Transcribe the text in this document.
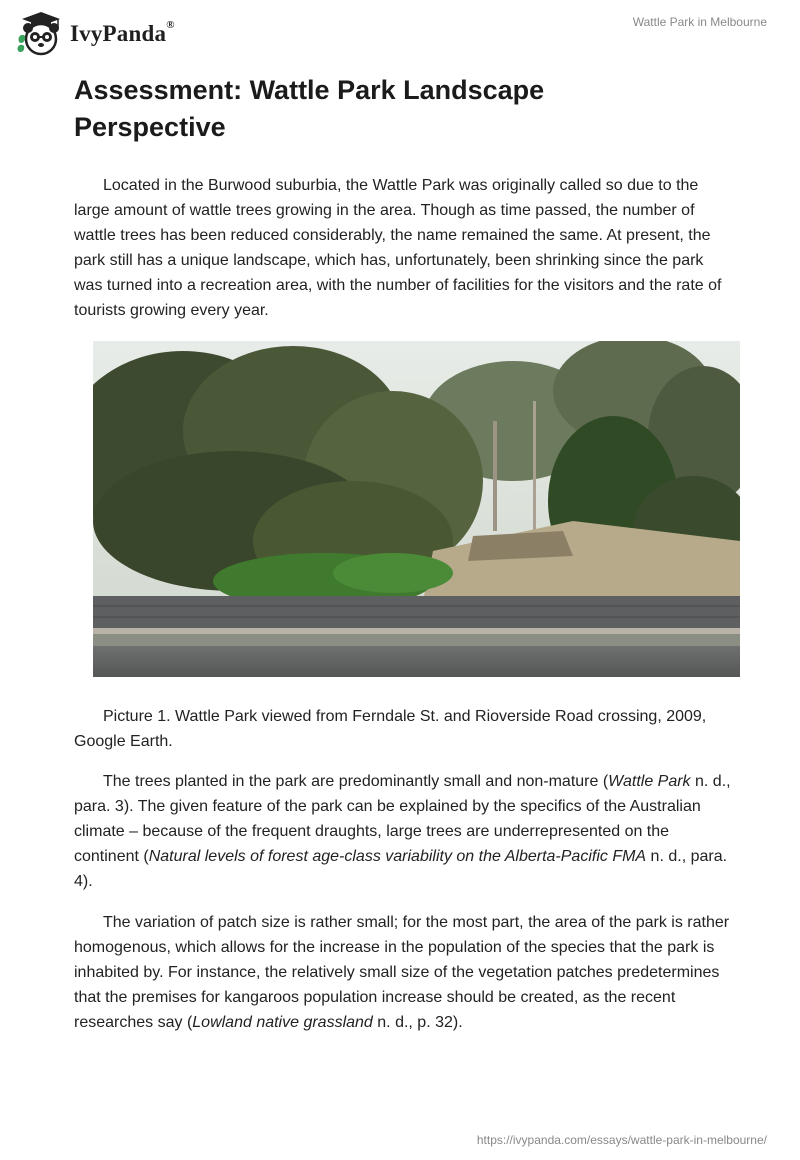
IvyPanda®	Wattle Park in Melbourne
Assessment: Wattle Park Landscape Perspective

Located in the Burwood suburbia, the Wattle Park was originally called so due to the large amount of wattle trees growing in the area. Though as time passed, the number of wattle trees has been reduced considerably, the name remained the same. At present, the park still has a unique landscape, which has, unfortunately, been shrinking since the park was turned into a recreation area, with the number of facilities for the visitors and the rate of tourists growing every year.

Picture 1. Wattle Park viewed from Ferndale St. and Rioverside Road crossing, 2009, Google Earth.

The trees planted in the park are predominantly small and non-mature (Wattle Park n. d., para. 3). The given feature of the park can be explained by the specifics of the Australian climate – because of the frequent draughts, large trees are underrepresented on the continent (Natural levels of forest age-class variability on the Alberta-Pacific FMA n. d., para. 4).

The variation of patch size is rather small; for the most part, the area of the park is rather homogenous, which allows for the increase in the population of the species that the park is inhabited by. For instance, the relatively small size of the vegetation patches predetermines that the premises for kangaroos population increase should be created, as the recent researches say (Lowland native grassland n. d., p. 32).

https://ivypanda.com/essays/wattle-park-in-melbourne/
